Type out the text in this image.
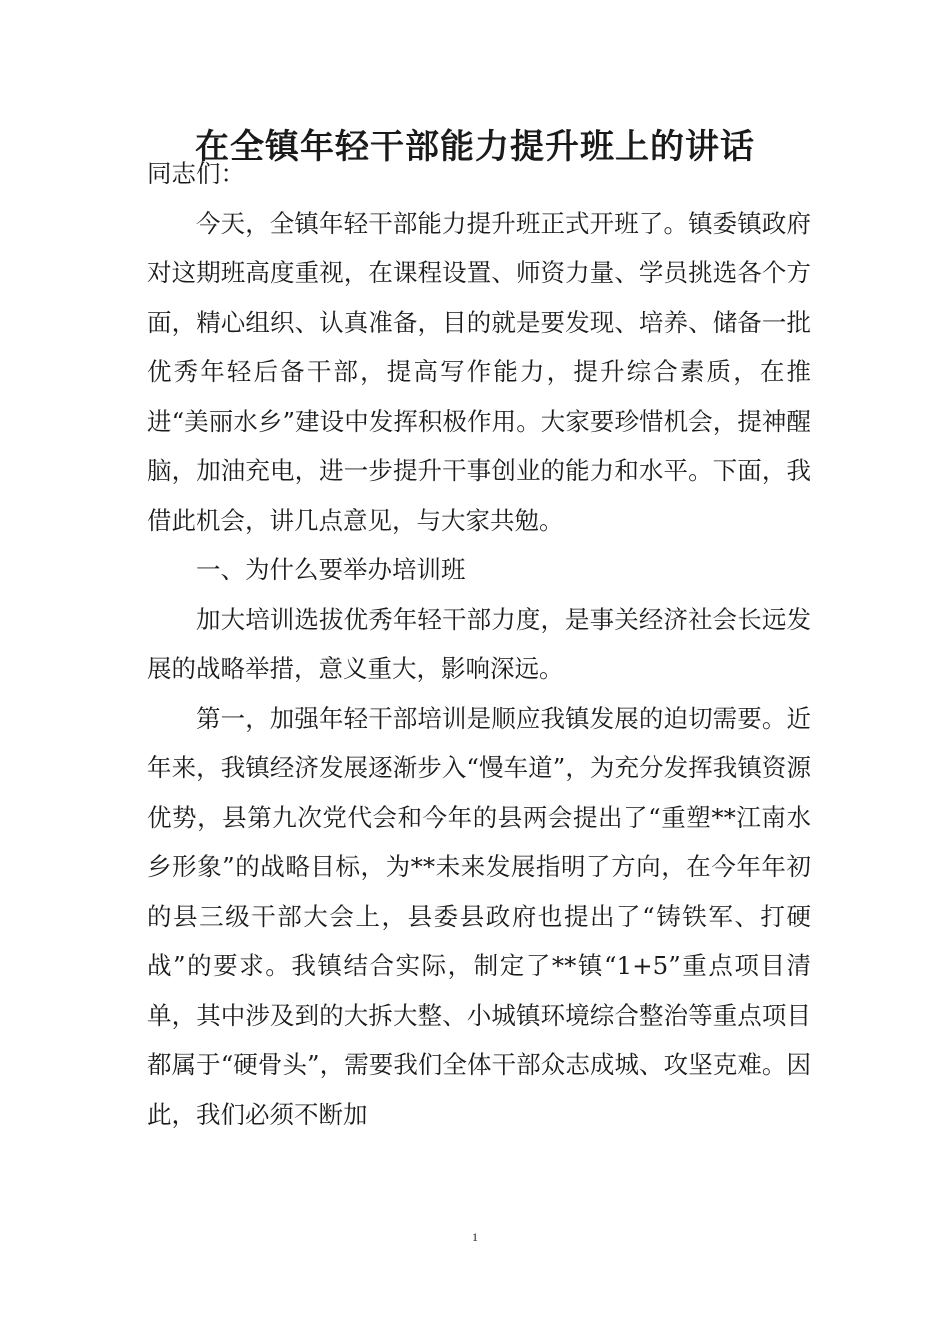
在全镇年轻干部能力提升班上的讲话

同志们：

今天，全镇年轻干部能力提升班正式开班了。镇委镇政府对这期班高度重视，在课程设置、师资力量、学员挑选各个方面，精心组织、认真准备，目的就是要发现、培养、储备一批优秀年轻后备干部，提高写作能力，提升综合素质，在推进“美丽水乡”建设中发挥积极作用。大家要珍惜机会，提神醒脑，加油充电，进一步提升干事创业的能力和水平。下面，我借此机会，讲几点意见，与大家共勉。

一、为什么要举办培训班

加大培训选拔优秀年轻干部力度，是事关经济社会长远发展的战略举措，意义重大，影响深远。

第一，加强年轻干部培训是顺应我镇发展的迫切需要。近年来，我镇经济发展逐渐步入“慢车道”，为充分发挥我镇资源优势，县第九次党代会和今年的县两会提出了“重塑**江南水乡形象”的战略目标，为**未来发展指明了方向，在今年年初的县三级干部大会上，县委县政府也提出了“铸铁军、打硬战”的要求。我镇结合实际，制定了**镇“1+5”重点项目清单，其中涉及到的大拆大整、小城镇环境综合整治等重点项目都属于“硬骨头”，需要我们全体干部众志成城、攻坚克难。因此，我们必须不断加

1
